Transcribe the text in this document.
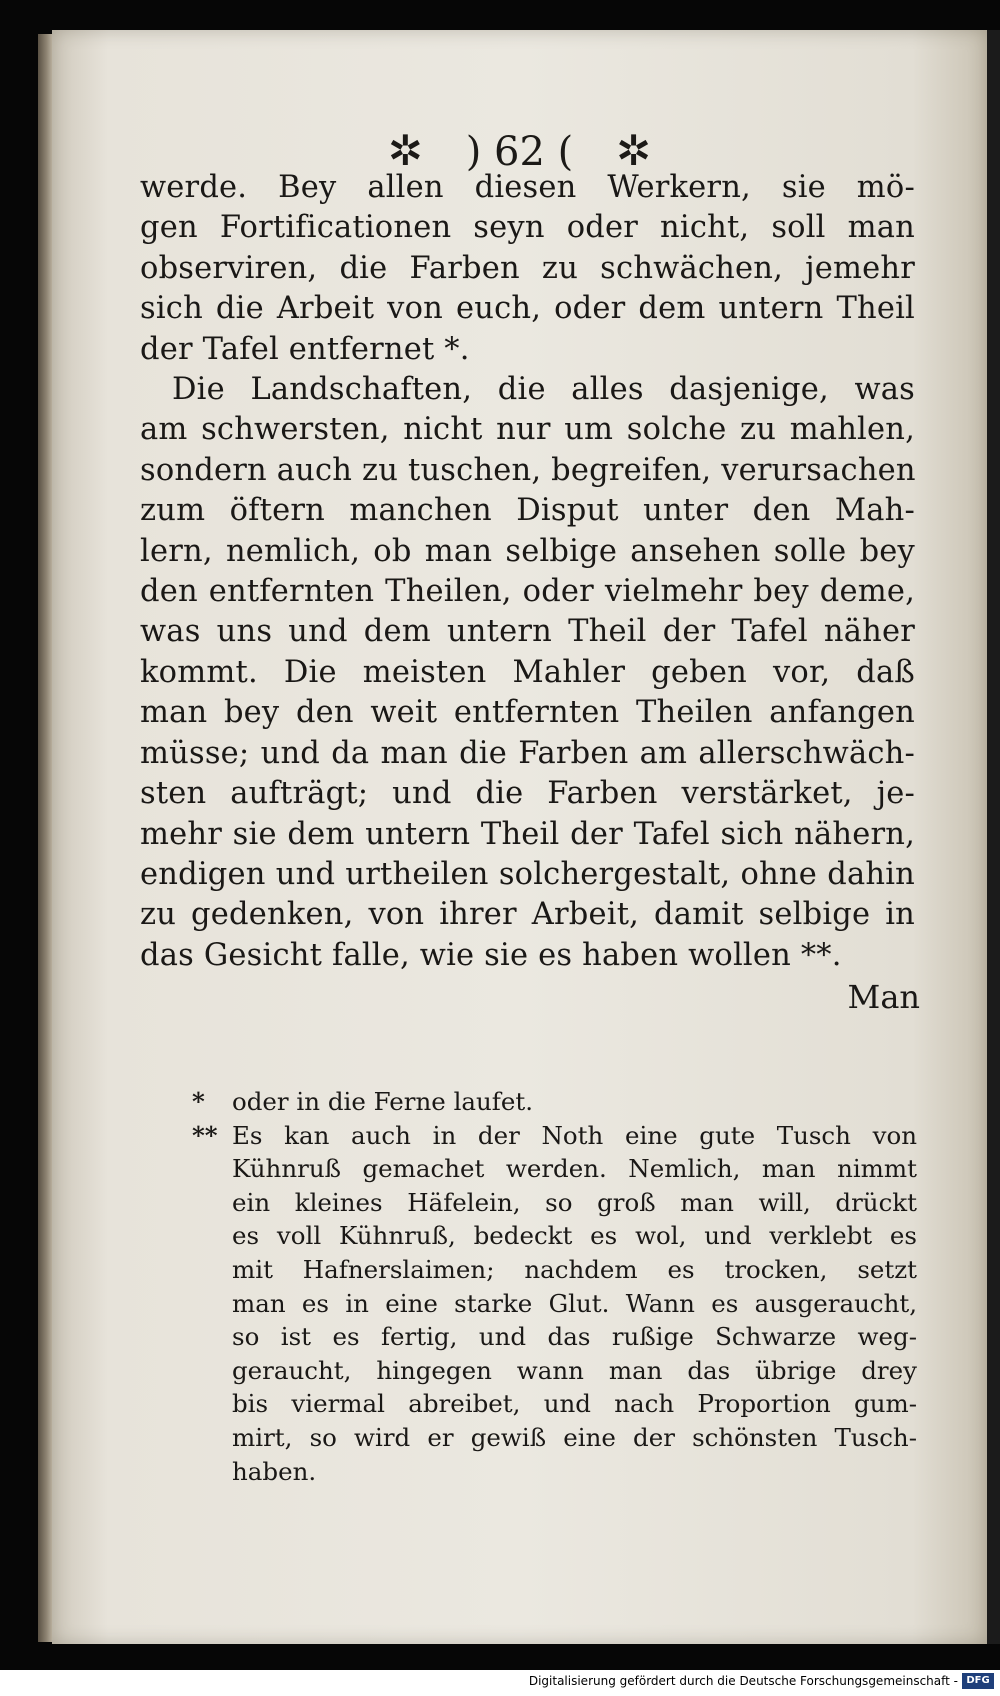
✲ ) 62 ( ✲
werde. Bey allen diesen Werkern, sie mö-
gen Fortificationen seyn oder nicht, soll man
observiren, die Farben zu schwächen, jemehr
sich die Arbeit von euch, oder dem untern Theil
der Tafel entfernet *.
Die Landschaften, die alles dasjenige, was
am schwersten, nicht nur um solche zu mahlen,
sondern auch zu tuschen, begreifen, verursachen
zum öftern manchen Disput unter den Mah-
lern, nemlich, ob man selbige ansehen solle bey
den entfernten Theilen, oder vielmehr bey deme,
was uns und dem untern Theil der Tafel näher
kommt. Die meisten Mahler geben vor, daß
man bey den weit entfernten Theilen anfangen
müsse; und da man die Farben am allerschwäch-
sten aufträgt; und die Farben verstärket, je-
mehr sie dem untern Theil der Tafel sich nähern,
endigen und urtheilen solchergestalt, ohne dahin
zu gedenken, von ihrer Arbeit, damit selbige in
das Gesicht falle, wie sie es haben wollen **.
Man
* oder in die Ferne laufet.
** Es kan auch in der Noth eine gute Tusch von
Kühnruß gemachet werden. Nemlich, man nimmt
ein kleines Häfelein, so groß man will, drückt
es voll Kühnruß, bedeckt es wol, und verklebt es
mit Hafnerslaimen; nachdem es trocken, setzt
man es in eine starke Glut. Wann es ausgeraucht,
so ist es fertig, und das rußige Schwarze weg-
geraucht, hingegen wann man das übrige drey
bis viermal abreibet, und nach Proportion gum-
mirt, so wird er gewiß eine der schönsten Tusch-
haben.
Digitalisierung gefördert durch die Deutsche Forschungsgemeinschaft - DFG
